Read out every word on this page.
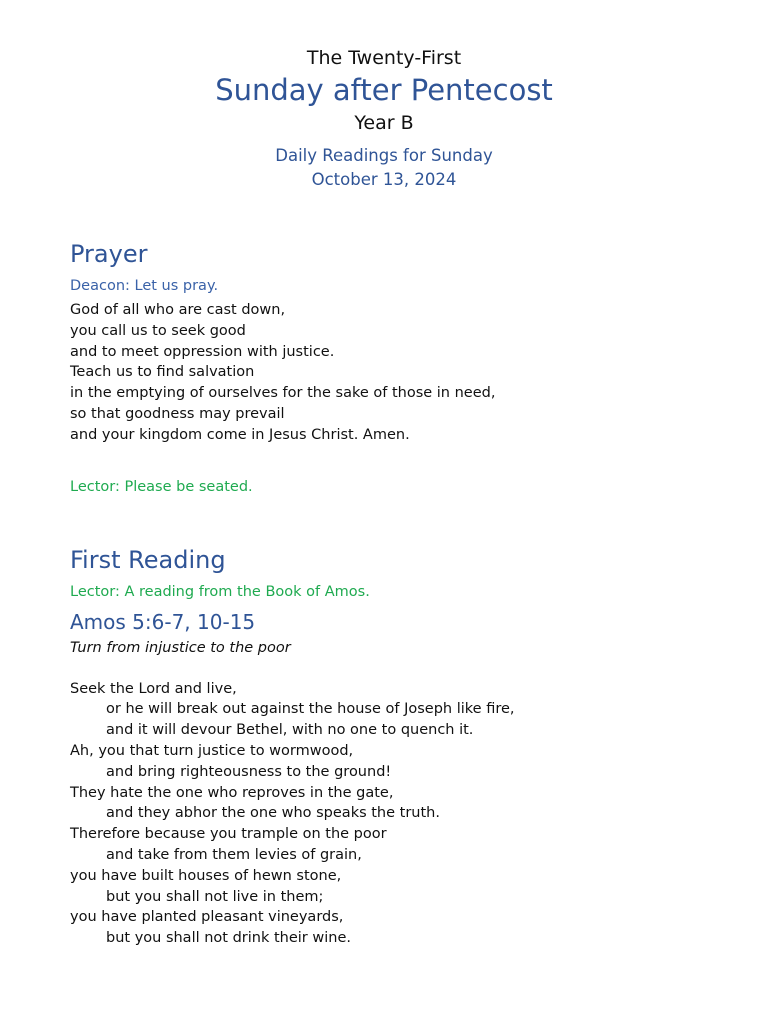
The Twenty-First
Sunday after Pentecost
Year B
Daily Readings for Sunday
October 13, 2024
Prayer
Deacon: Let us pray.
God of all who are cast down,
you call us to seek good
and to meet oppression with justice.
Teach us to find salvation
in the emptying of ourselves for the sake of those in need,
so that goodness may prevail
and your kingdom come in Jesus Christ. Amen.
Lector: Please be seated.
First Reading
Lector: A reading from the Book of Amos.
Amos 5:6-7, 10-15
Turn from injustice to the poor
Seek the Lord and live,
or he will break out against the house of Joseph like fire,
and it will devour Bethel, with no one to quench it.
Ah, you that turn justice to wormwood,
and bring righteousness to the ground!
They hate the one who reproves in the gate,
and they abhor the one who speaks the truth.
Therefore because you trample on the poor
and take from them levies of grain,
you have built houses of hewn stone,
but you shall not live in them;
you have planted pleasant vineyards,
but you shall not drink their wine.
